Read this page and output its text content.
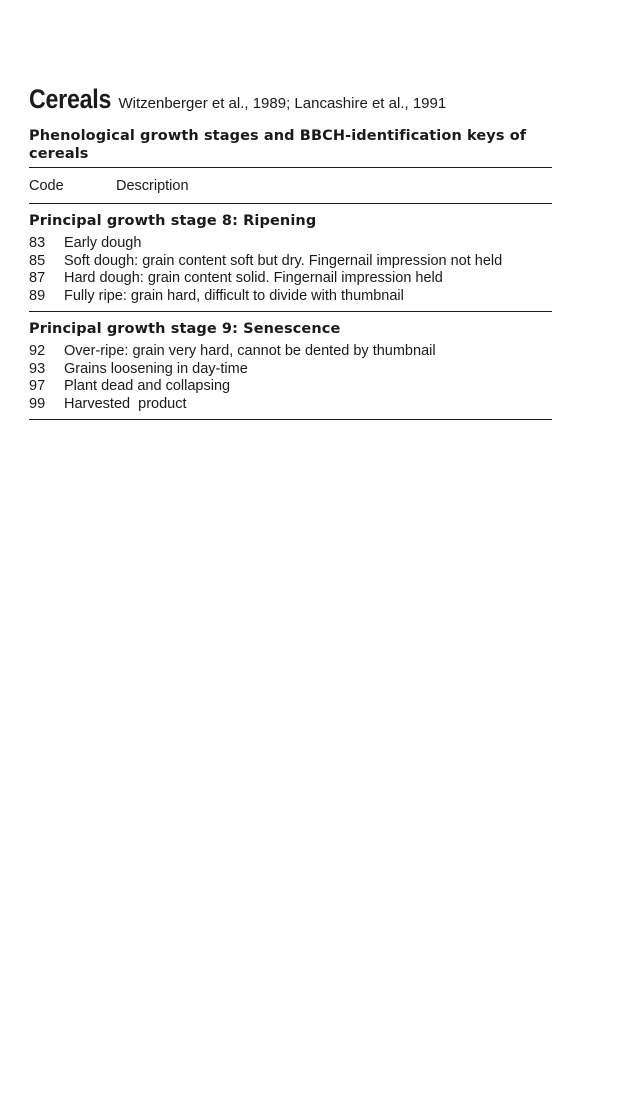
Cereals Witzenberger et al., 1989; Lancashire et al., 1991
Phenological growth stages and BBCH-identification keys of cereals
Code	Description
Principal growth stage 8: Ripening
83	Early dough
85	Soft dough: grain content soft but dry. Fingernail impression not held
87	Hard dough: grain content solid. Fingernail impression held
89	Fully ripe: grain hard, difficult to divide with thumbnail
Principal growth stage 9: Senescence
92	Over-ripe: grain very hard, cannot be dented by thumbnail
93	Grains loosening in day-time
97	Plant dead and collapsing
99	Harvested  product
